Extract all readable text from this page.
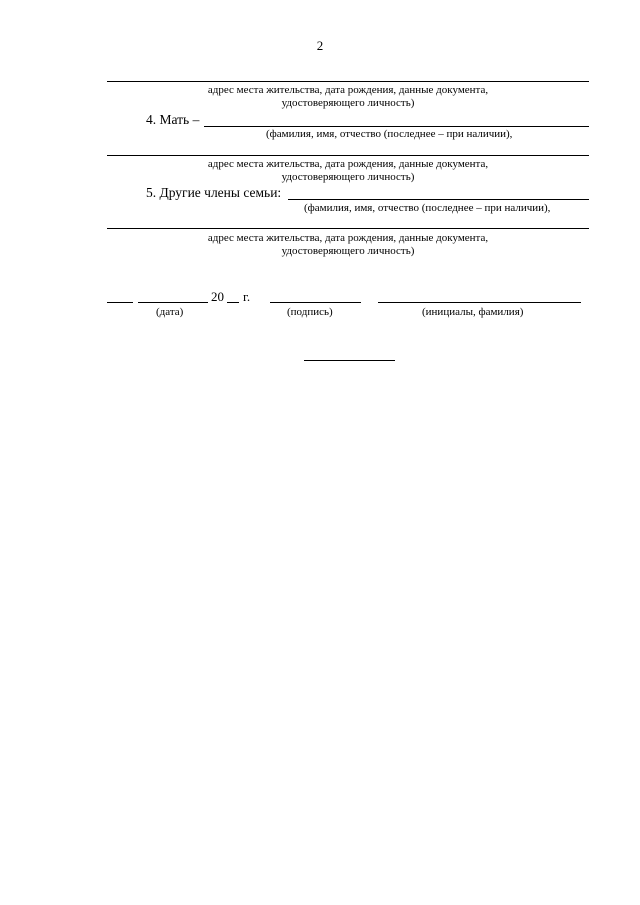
2
адрес места жительства, дата рождения, данные документа,
удостоверяющего личность)
4. Мать –
(фамилия, имя, отчество (последнее – при наличии),
адрес места жительства, дата рождения, данные документа,
удостоверяющего личность)
5. Другие члены семьи:
(фамилия, имя, отчество (последнее – при наличии),
адрес места жительства, дата рождения, данные документа,
удостоверяющего личность)
20 г.
(дата)	(подпись)	(инициалы, фамилия)
